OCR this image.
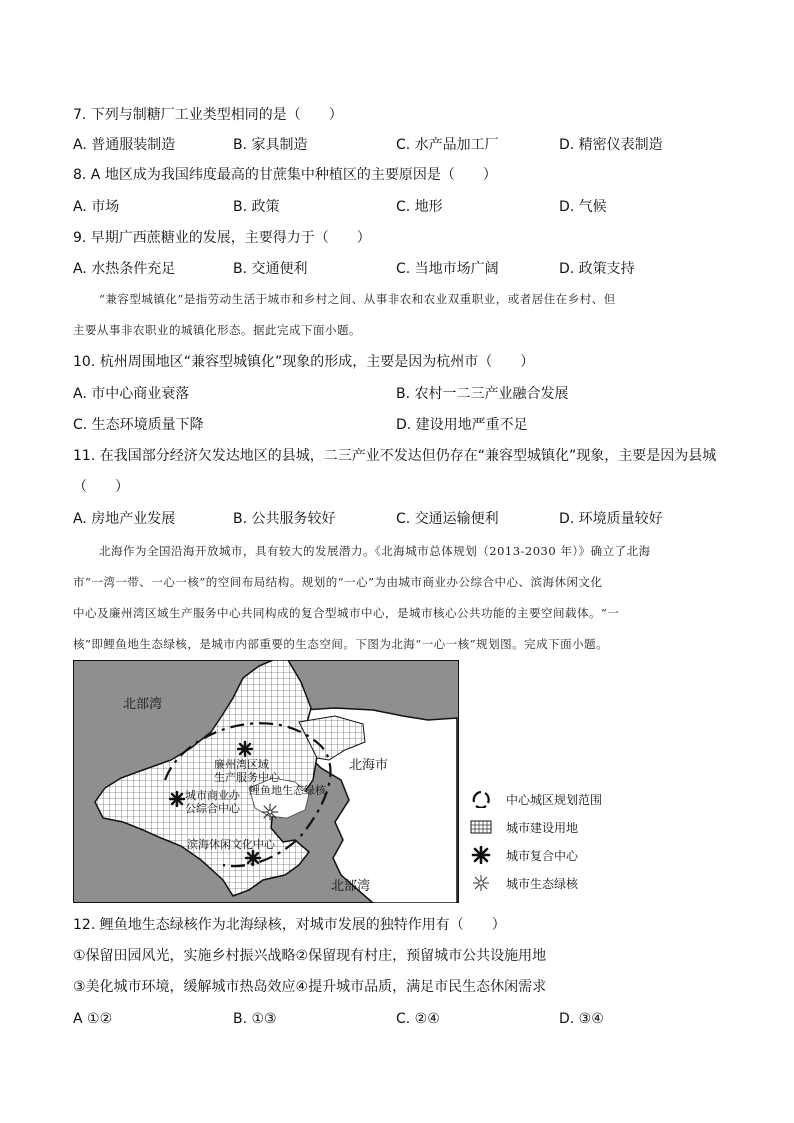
7. 下列与制糖厂工业类型相同的是（　　）
A. 普通服装制造	B. 家具制造	C. 水产品加工厂	D. 精密仪表制造
8. A 地区成为我国纬度最高的甘蔗集中种植区的主要原因是（　　）
A. 市场	B. 政策	C. 地形	D. 气候
9. 早期广西蔗糖业的发展，主要得力于（　　）
A. 水热条件充足	B. 交通便利	C. 当地市场广阔	D. 政策支持
“兼容型城镇化”是指劳动生活于城市和乡村之间、从事非农和农业双重职业，或者居住在乡村、但
主要从事非农职业的城镇化形态。据此完成下面小题。
10. 杭州周围地区“兼容型城镇化”现象的形成，主要是因为杭州市（　　）
A. 市中心商业衰落	B. 农村一二三产业融合发展
C. 生态环境质量下降	D. 建设用地严重不足
11. 在我国部分经济欠发达地区的县城，二三产业不发达但仍存在“兼容型城镇化”现象，主要是因为县城
（　　）
A. 房地产业发展	B. 公共服务较好	C. 交通运输便利	D. 环境质量较好
北海作为全国沿海开放城市，具有较大的发展潜力。《北海城市总体规划（2013-2030 年）》确立了北海
市“一湾一带、一心一核”的空间布局结构。规划的“一心”为由城市商业办公综合中心、滨海休闲文化
中心及廉州湾区域生产服务中心共同构成的复合型城市中心，是城市核心公共功能的主要空间载体。“一
核”即鲤鱼地生态绿核，是城市内部重要的生态空间。下图为北海“一心一核”规划图。完成下面小题。
北部湾
北部湾
北海市
廉州湾区域
生产服务中心
鲤鱼地生态绿核
城市商业办
公综合中心
滨海休闲文化中心
中心城区规划范围
城市建设用地
城市复合中心
城市生态绿核
12. 鲤鱼地生态绿核作为北海绿核，对城市发展的独特作用有（　　）
①保留田园风光，实施乡村振兴战略②保留现有村庄，预留城市公共设施用地
③美化城市环境，缓解城市热岛效应④提升城市品质，满足市民生态休闲需求
A ①②	B. ①③	C. ②④	D. ③④
